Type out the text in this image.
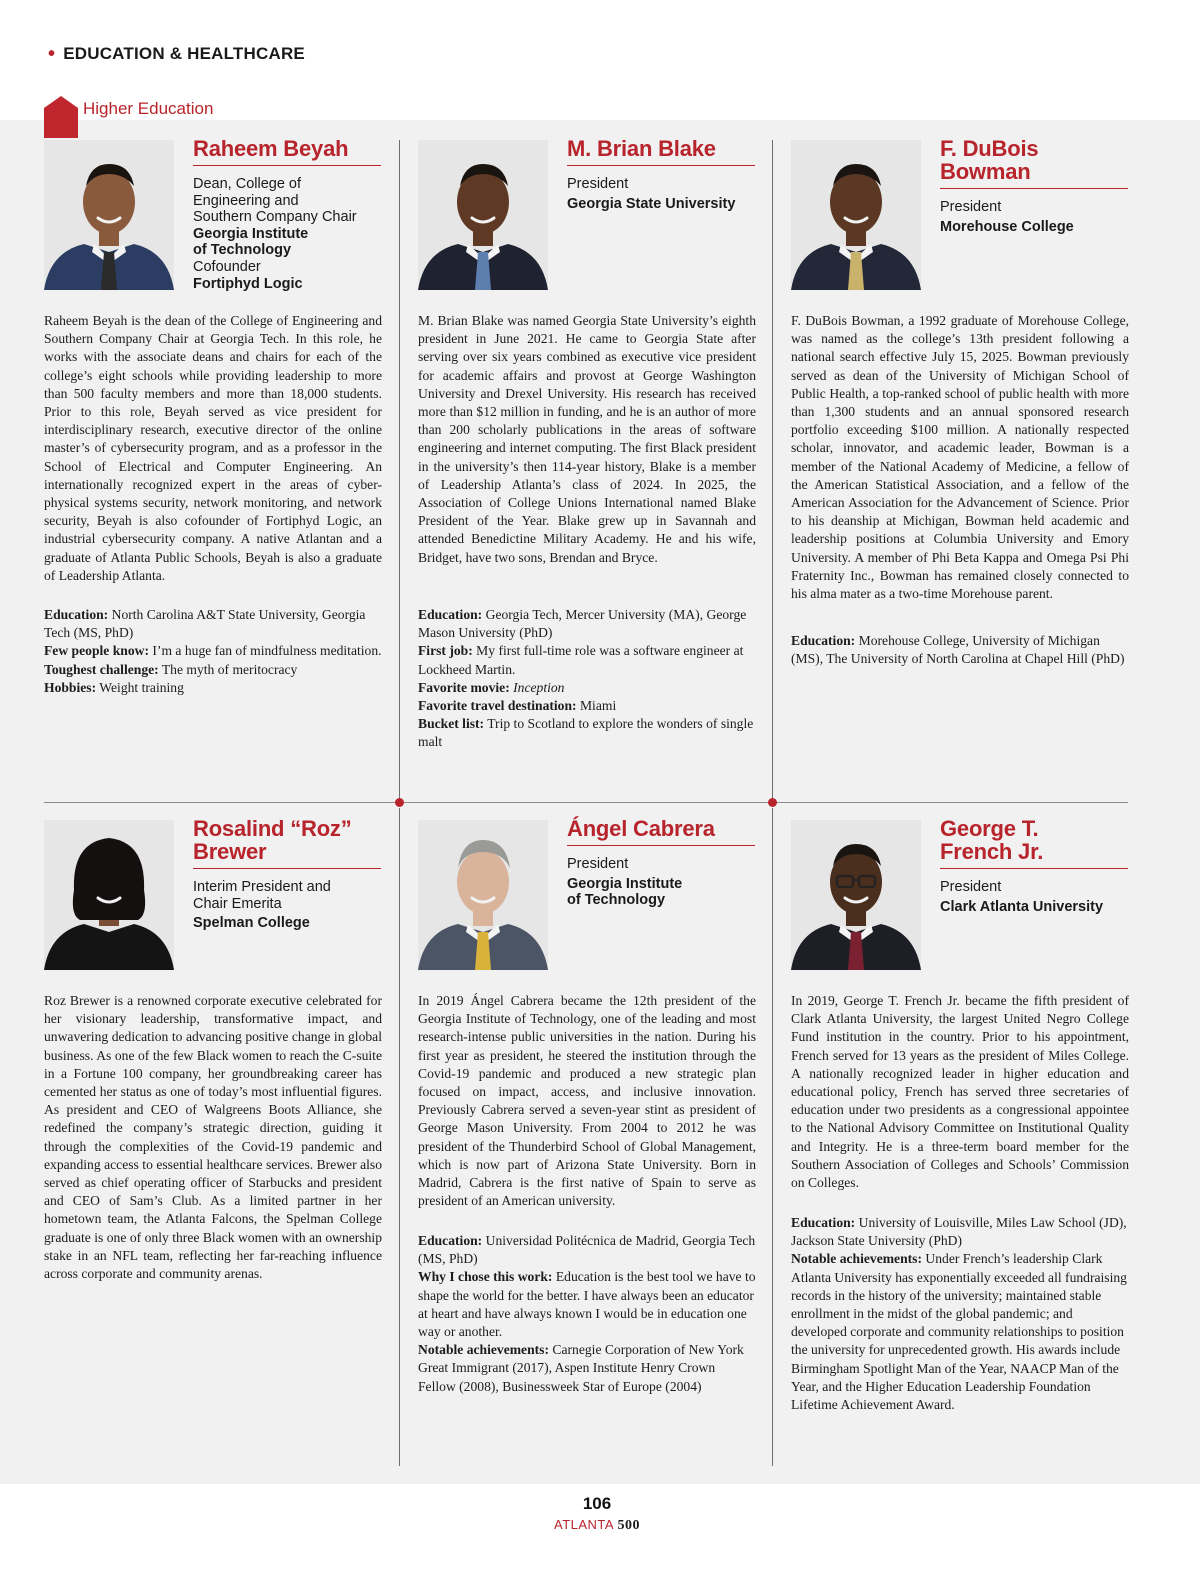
• EDUCATION & HEALTHCARE
Higher Education
Raheem Beyah
Dean, College of
Engineering and
Southern Company Chair
Georgia Institute
of Technology
Cofounder
Fortiphyd Logic
Raheem Beyah is the dean of the College of Engineering and Southern Company Chair at Georgia Tech. In this role, he works with the associate deans and chairs for each of the college’s eight schools while providing leadership to more than 500 faculty members and more than 18,000 students. Prior to this role, Beyah served as vice president for interdisciplinary research, executive director of the online master’s of cybersecurity program, and as a professor in the School of Electrical and Computer Engineering. An internationally recognized expert in the areas of cyber-physical systems security, network monitoring, and network security, Beyah is also cofounder of Fortiphyd Logic, an industrial cybersecurity company. A native Atlantan and a graduate of Atlanta Public Schools, Beyah is also a graduate of Leadership Atlanta.
Education: North Carolina A&T State University, Georgia Tech (MS, PhD)
Few people know: I’m a huge fan of mindfulness meditation.
Toughest challenge: The myth of meritocracy
Hobbies: Weight training
M. Brian Blake
President
Georgia State University
M. Brian Blake was named Georgia State University’s eighth president in June 2021. He came to Georgia State after serving over six years combined as executive vice president for academic affairs and provost at George Washington University and Drexel University. His research has received more than $12 million in funding, and he is an author of more than 200 scholarly publications in the areas of software engineering and internet computing. The first Black president in the university’s then 114-year history, Blake is a member of Leadership Atlanta’s class of 2024. In 2025, the Association of College Unions International named Blake President of the Year. Blake grew up in Savannah and attended Benedictine Military Academy. He and his wife, Bridget, have two sons, Brendan and Bryce.
Education: Georgia Tech, Mercer University (MA), George Mason University (PhD)
First job: My first full-time role was a software engineer at Lockheed Martin.
Favorite movie: Inception
Favorite travel destination: Miami
Bucket list: Trip to Scotland to explore the wonders of single malt
F. DuBois
Bowman
President
Morehouse College
F. DuBois Bowman, a 1992 graduate of Morehouse College, was named as the college’s 13th president following a national search effective July 15, 2025. Bowman previously served as dean of the University of Michigan School of Public Health, a top-ranked school of public health with more than 1,300 students and an annual sponsored research portfolio exceeding $100 million. A nationally respected scholar, innovator, and academic leader, Bowman is a member of the National Academy of Medicine, a fellow of the American Statistical Association, and a fellow of the American Association for the Advancement of Science. Prior to his deanship at Michigan, Bowman held academic and leadership positions at Columbia University and Emory University. A member of Phi Beta Kappa and Omega Psi Phi Fraternity Inc., Bowman has remained closely connected to his alma mater as a two-time Morehouse parent.
Education: Morehouse College, University of Michigan (MS), The University of North Carolina at Chapel Hill (PhD)
Rosalind “Roz”
Brewer
Interim President and
Chair Emerita
Spelman College
Roz Brewer is a renowned corporate executive celebrated for her visionary leadership, transformative impact, and unwavering dedication to advancing positive change in global business. As one of the few Black women to reach the C-suite in a Fortune 100 company, her groundbreaking career has cemented her status as one of today’s most influential figures. As president and CEO of Walgreens Boots Alliance, she redefined the company’s strategic direction, guiding it through the complexities of the Covid-19 pandemic and expanding access to essential healthcare services. Brewer also served as chief operating officer of Starbucks and president and CEO of Sam’s Club. As a limited partner in her hometown team, the Atlanta Falcons, the Spelman College graduate is one of only three Black women with an ownership stake in an NFL team, reflecting her far-reaching influence across corporate and community arenas.
Ángel Cabrera
President
Georgia Institute
of Technology
In 2019 Ángel Cabrera became the 12th president of the Georgia Institute of Technology, one of the leading and most research-intense public universities in the nation. During his first year as president, he steered the institution through the Covid-19 pandemic and produced a new strategic plan focused on impact, access, and inclusive innovation. Previously Cabrera served a seven-year stint as president of George Mason University. From 2004 to 2012 he was president of the Thunderbird School of Global Management, which is now part of Arizona State University. Born in Madrid, Cabrera is the first native of Spain to serve as president of an American university.
Education: Universidad Politécnica de Madrid, Georgia Tech (MS, PhD)
Why I chose this work: Education is the best tool we have to shape the world for the better. I have always been an educator at heart and have always known I would be in education one way or another.
Notable achievements: Carnegie Corporation of New York Great Immigrant (2017), Aspen Institute Henry Crown Fellow (2008), Businessweek Star of Europe (2004)
George T.
French Jr.
President
Clark Atlanta University
In 2019, George T. French Jr. became the fifth president of Clark Atlanta University, the largest United Negro College Fund institution in the country. Prior to his appointment, French served for 13 years as the president of Miles College. A nationally recognized leader in higher education and educational policy, French has served three secretaries of education under two presidents as a congressional appointee to the National Advisory Committee on Institutional Quality and Integrity. He is a three-term board member for the Southern Association of Colleges and Schools’ Commission on Colleges.
Education: University of Louisville, Miles Law School (JD), Jackson State University (PhD)
Notable achievements: Under French’s leadership Clark Atlanta University has exponentially exceeded all fundraising records in the history of the university; maintained stable enrollment in the midst of the global pandemic; and developed corporate and community relationships to position the university for unprecedented growth. His awards include Birmingham Spotlight Man of the Year, NAACP Man of the Year, and the Higher Education Leadership Foundation Lifetime Achievement Award.
106
ATLANTA 500
